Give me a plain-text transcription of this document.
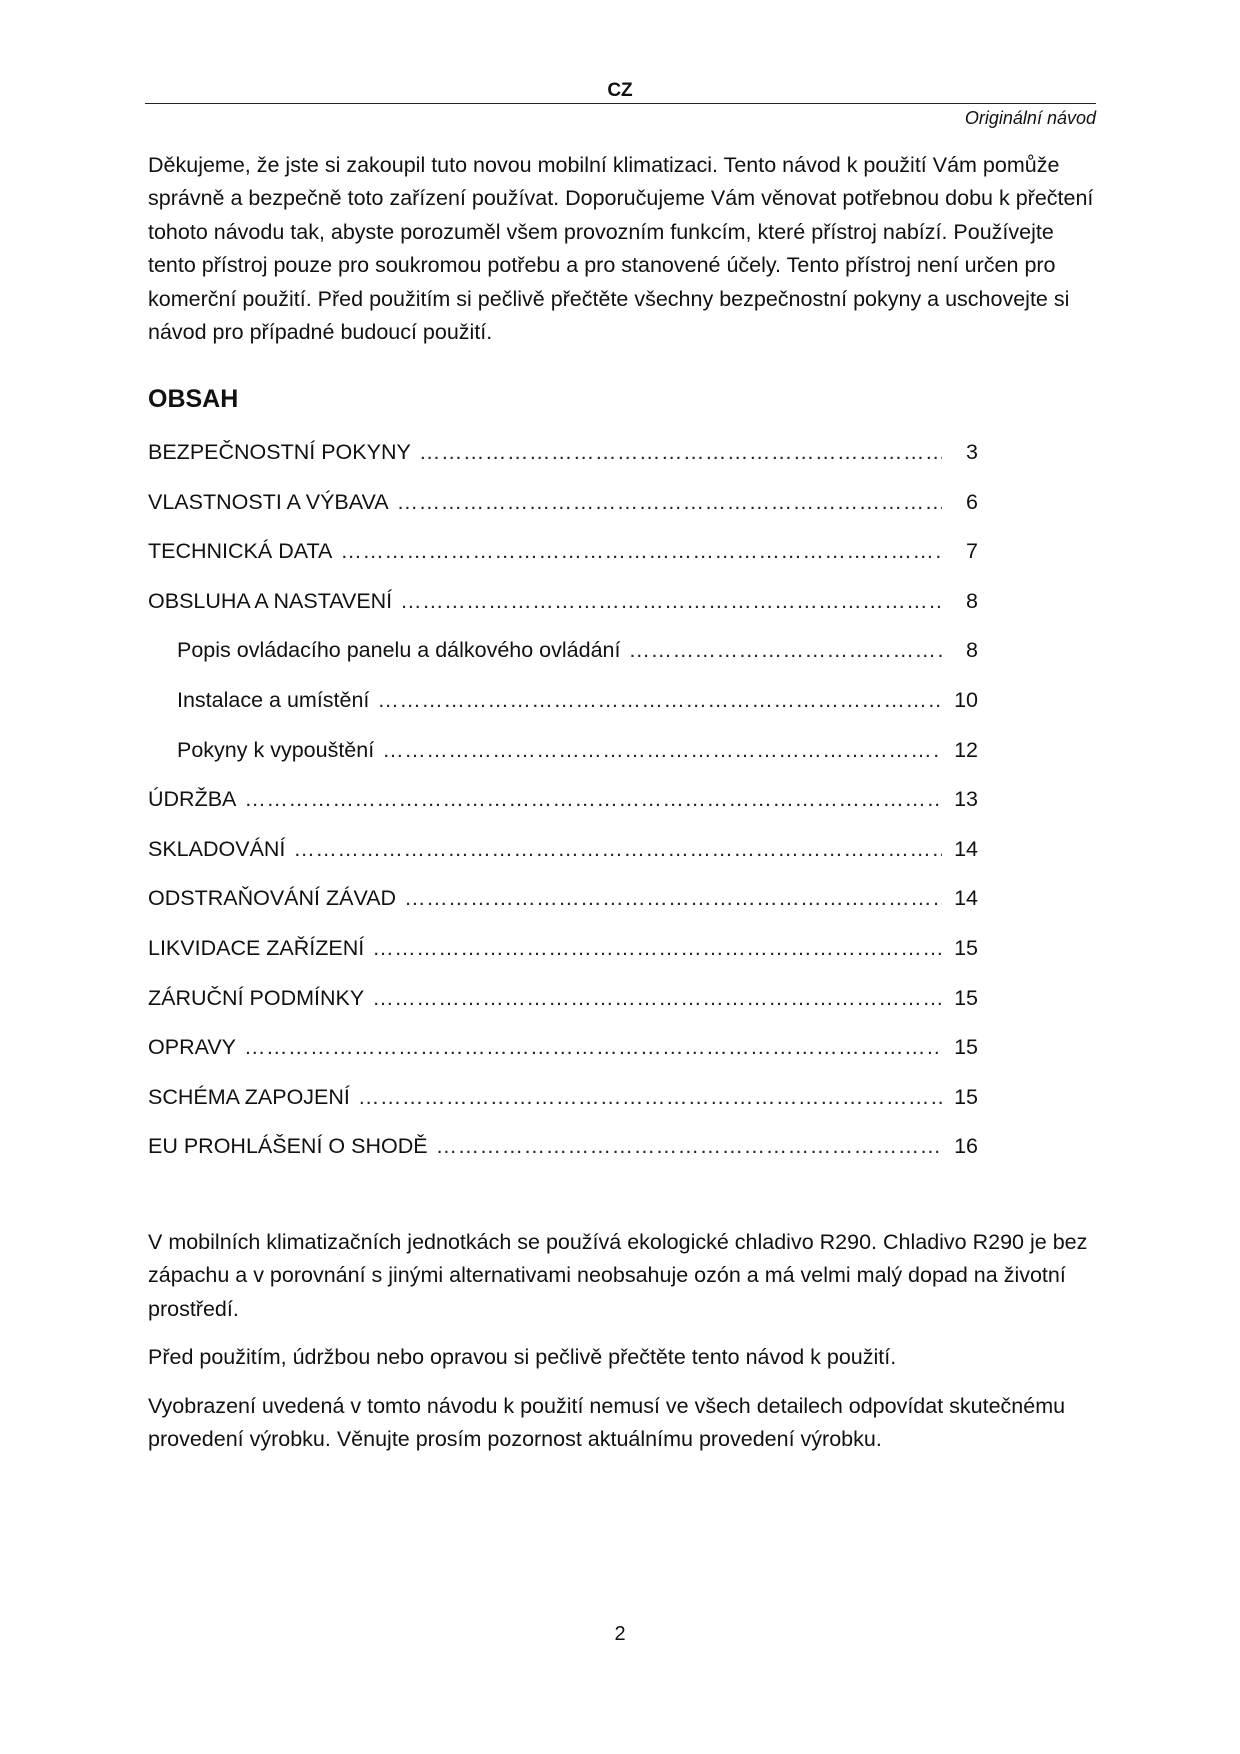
CZ
Originální návod

Děkujeme, že jste si zakoupil tuto novou mobilní klimatizaci. Tento návod k použití Vám pomůže správně a bezpečně toto zařízení používat. Doporučujeme Vám věnovat potřebnou dobu k přečtení tohoto návodu tak, abyste porozuměl všem provozním funkcím, které přístroj nabízí. Používejte tento přístroj pouze pro soukromou potřebu a pro stanovené účely. Tento přístroj není určen pro komerční použití. Před použitím si pečlivě přečtěte všechny bezpečnostní pokyny a uschovejte si návod pro případné budoucí použití.

OBSAH
BEZPEČNOSTNÍ POKYNY …………………………………………………………………………………………………………………………………………	3
VLASTNOSTI A VÝBAVA …………………………………………………………………………………………………………………………………………	6
TECHNICKÁ DATA …………………………………………………………………………………………………………………………………………	7
OBSLUHA A NASTAVENÍ …………………………………………………………………………………………………………………………………………	8
Popis ovládacího panelu a dálkového ovládání …………………………………………………………………………………………………………………………………………	8
Instalace a umístění …………………………………………………………………………………………………………………………………………	10
Pokyny k vypouštění …………………………………………………………………………………………………………………………………………	12
ÚDRŽBA …………………………………………………………………………………………………………………………………………	13
SKLADOVÁNÍ …………………………………………………………………………………………………………………………………………	14
ODSTRAŇOVÁNÍ ZÁVAD …………………………………………………………………………………………………………………………………………	14
LIKVIDACE ZAŘÍZENÍ …………………………………………………………………………………………………………………………………………	15
ZÁRUČNÍ PODMÍNKY …………………………………………………………………………………………………………………………………………	15
OPRAVY …………………………………………………………………………………………………………………………………………	15
SCHÉMA ZAPOJENÍ …………………………………………………………………………………………………………………………………………	15
EU PROHLÁŠENÍ O SHODĚ …………………………………………………………………………………………………………………………………………	16

V mobilních klimatizačních jednotkách se používá ekologické chladivo R290. Chladivo R290 je bez zápachu a v porovnání s jinými alternativami neobsahuje ozón a má velmi malý dopad na životní prostředí.

Před použitím, údržbou nebo opravou si pečlivě přečtěte tento návod k použití.

Vyobrazení uvedená v tomto návodu k použití nemusí ve všech detailech odpovídat skutečnému provedení výrobku. Věnujte prosím pozornost aktuálnímu provedení výrobku.

2
